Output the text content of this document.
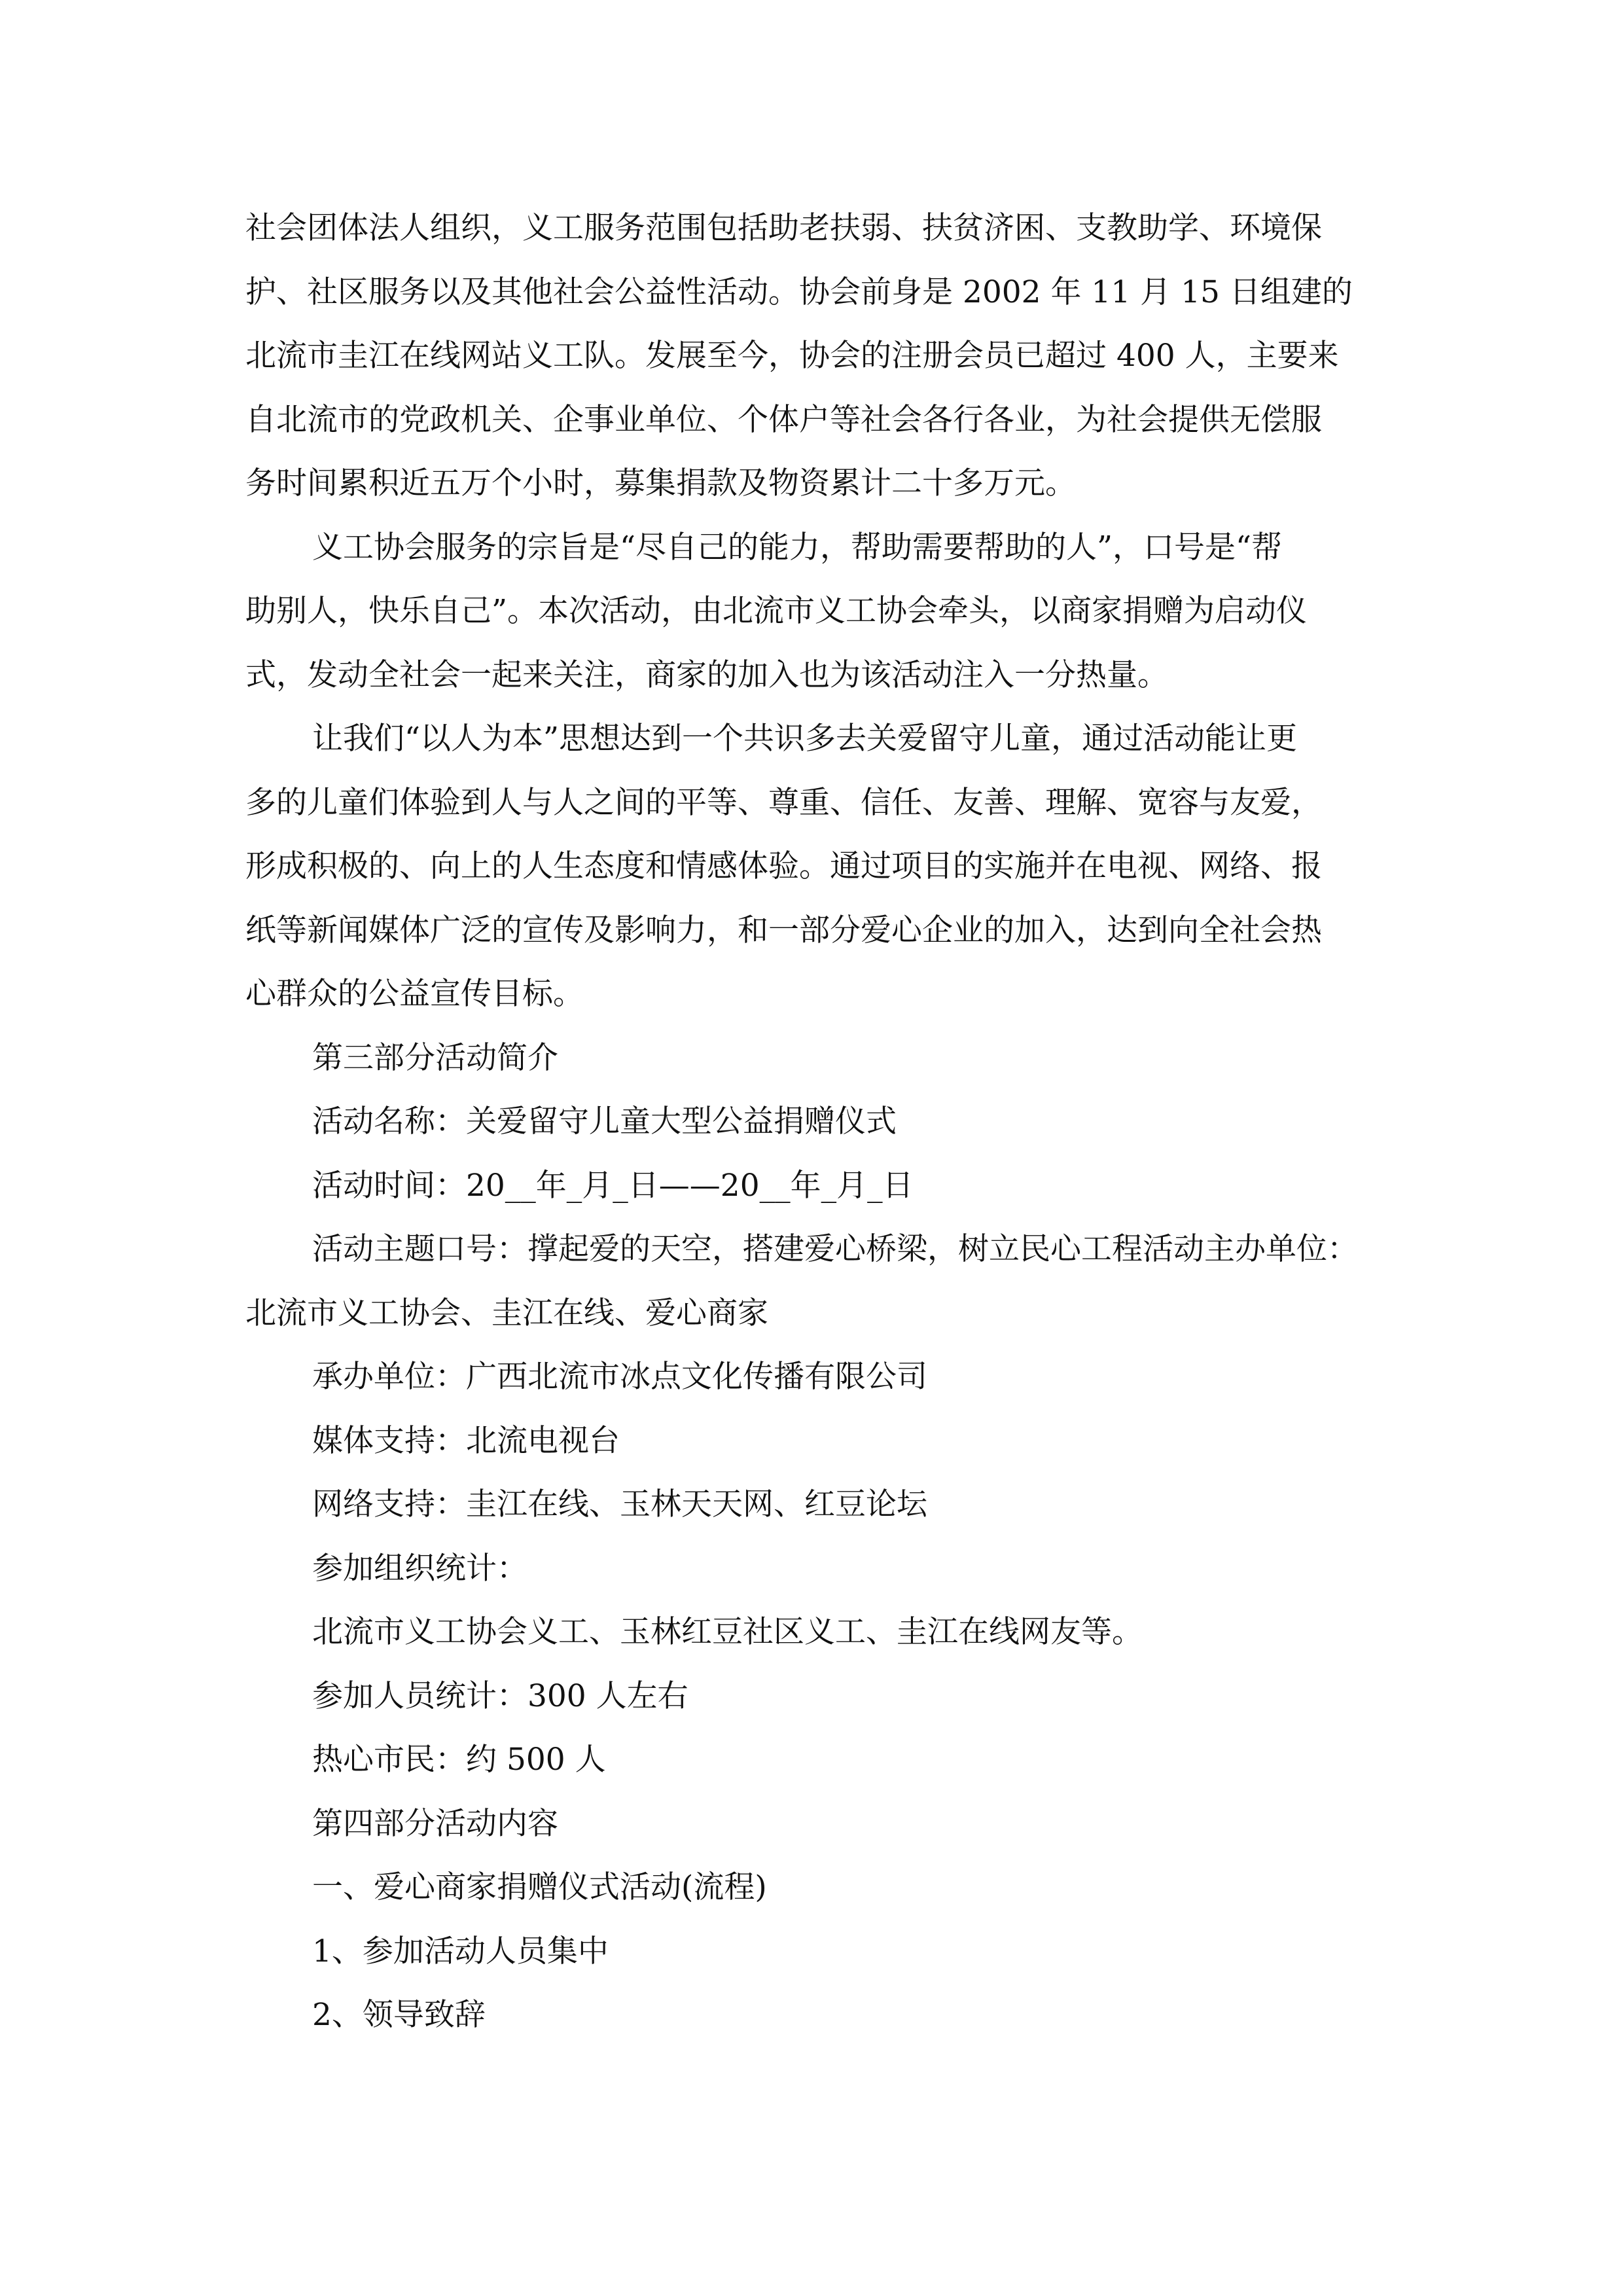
社会团体法人组织，义工服务范围包括助老扶弱、扶贫济困、支教助学、环境保

护、社区服务以及其他社会公益性活动。协会前身是 2002 年 11 月 15 日组建的

北流市圭江在线网站义工队。发展至今，协会的注册会员已超过 400 人，主要来

自北流市的党政机关、企事业单位、个体户等社会各行各业，为社会提供无偿服

务时间累积近五万个小时，募集捐款及物资累计二十多万元。

义工协会服务的宗旨是“尽自己的能力，帮助需要帮助的人”，口号是“帮

助别人，快乐自己”。本次活动，由北流市义工协会牵头，以商家捐赠为启动仪

式，发动全社会一起来关注，商家的加入也为该活动注入一分热量。

让我们“以人为本”思想达到一个共识多去关爱留守儿童，通过活动能让更

多的儿童们体验到人与人之间的平等、尊重、信任、友善、理解、宽容与友爱，

形成积极的、向上的人生态度和情感体验。通过项目的实施并在电视、网络、报

纸等新闻媒体广泛的宣传及影响力，和一部分爱心企业的加入，达到向全社会热

心群众的公益宣传目标。

第三部分活动简介

活动名称：关爱留守儿童大型公益捐赠仪式

活动时间：20__年_月_日——20__年_月_日

活动主题口号：撑起爱的天空，搭建爱心桥梁，树立民心工程活动主办单位：

北流市义工协会、圭江在线、爱心商家

承办单位：广西北流市冰点文化传播有限公司

媒体支持：北流电视台

网络支持：圭江在线、玉林天天网、红豆论坛

参加组织统计：

北流市义工协会义工、玉林红豆社区义工、圭江在线网友等。

参加人员统计：300 人左右

热心市民：约 500 人

第四部分活动内容

一、爱心商家捐赠仪式活动(流程)

1、参加活动人员集中

2、领导致辞
